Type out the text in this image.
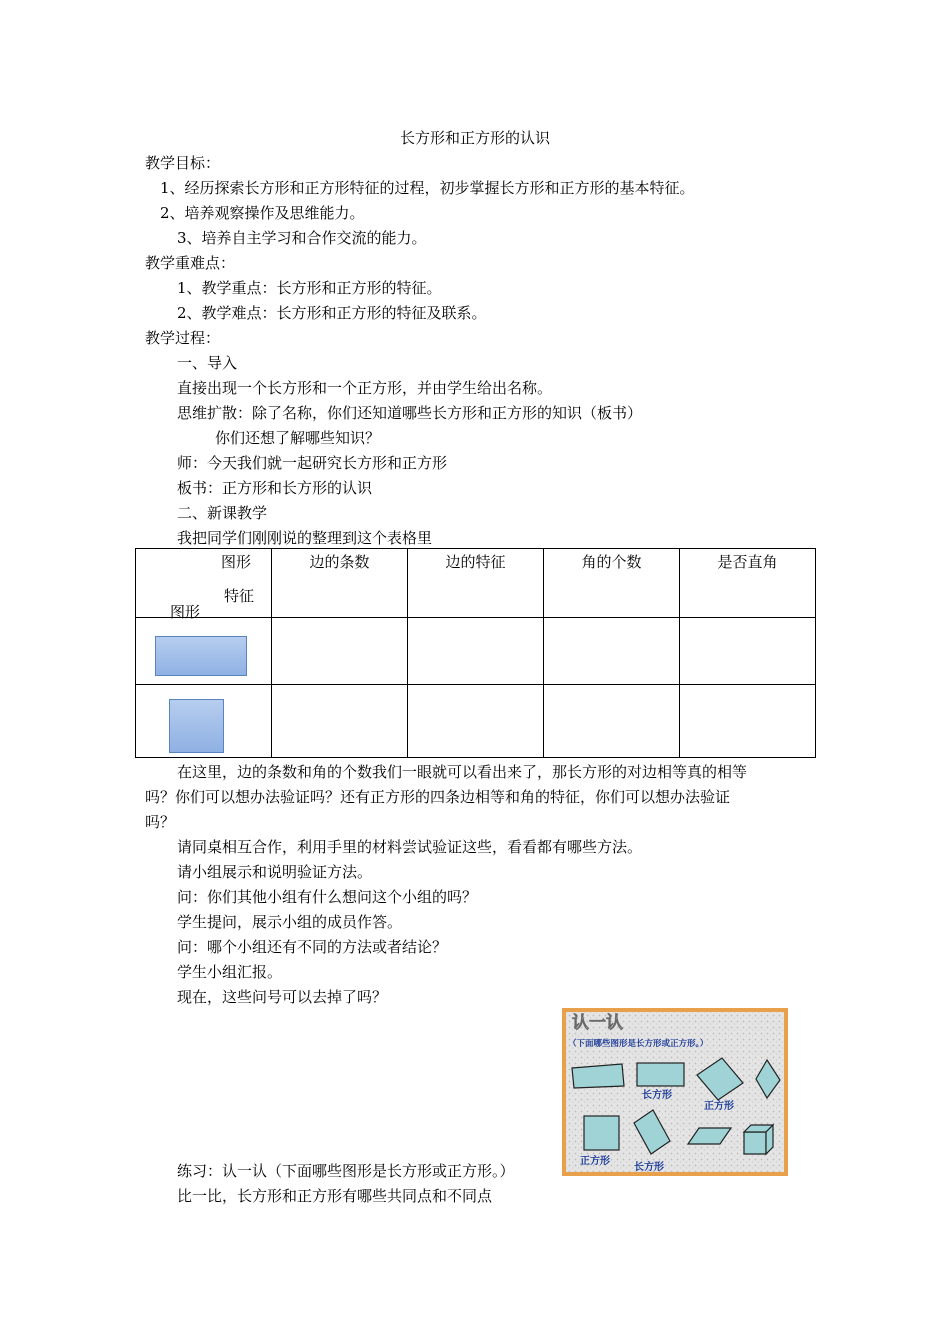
长方形和正方形的认识
教学目标：
1、经历探索长方形和正方形特征的过程，初步掌握长方形和正方形的基本特征。
2、培养观察操作及思维能力。
3、培养自主学习和合作交流的能力。
教学重难点：
1、教学重点：长方形和正方形的特征。
2、教学难点：长方形和正方形的特征及联系。
教学过程：
一、导入
直接出现一个长方形和一个正方形，并由学生给出名称。
思维扩散：除了名称，你们还知道哪些长方形和正方形的知识（板书）
你们还想了解哪些知识？
师：今天我们就一起研究长方形和正方形
板书：正方形和长方形的认识
二、新课教学
我把同学们刚刚说的整理到这个表格里
图形
特征
图形	边的条数	边的特征	角的个数	是否直角

在这里，边的条数和角的个数我们一眼就可以看出来了，那长方形的对边相等真的相等
吗？你们可以想办法验证吗？还有正方形的四条边相等和角的特征，你们可以想办法验证
吗？
请同桌相互合作，利用手里的材料尝试验证这些，看看都有哪些方法。
请小组展示和说明验证方法。
问：你们其他小组有什么想问这个小组的吗？
学生提问，展示小组的成员作答。
问：哪个小组还有不同的方法或者结论？
学生小组汇报。
现在，这些问号可以去掉了吗？
认一认
（下面哪些图形是长方形或正方形。）
长方形
正方形
正方形
长方形
练习：认一认（下面哪些图形是长方形或正方形。）
比一比，长方形和正方形有哪些共同点和不同点
